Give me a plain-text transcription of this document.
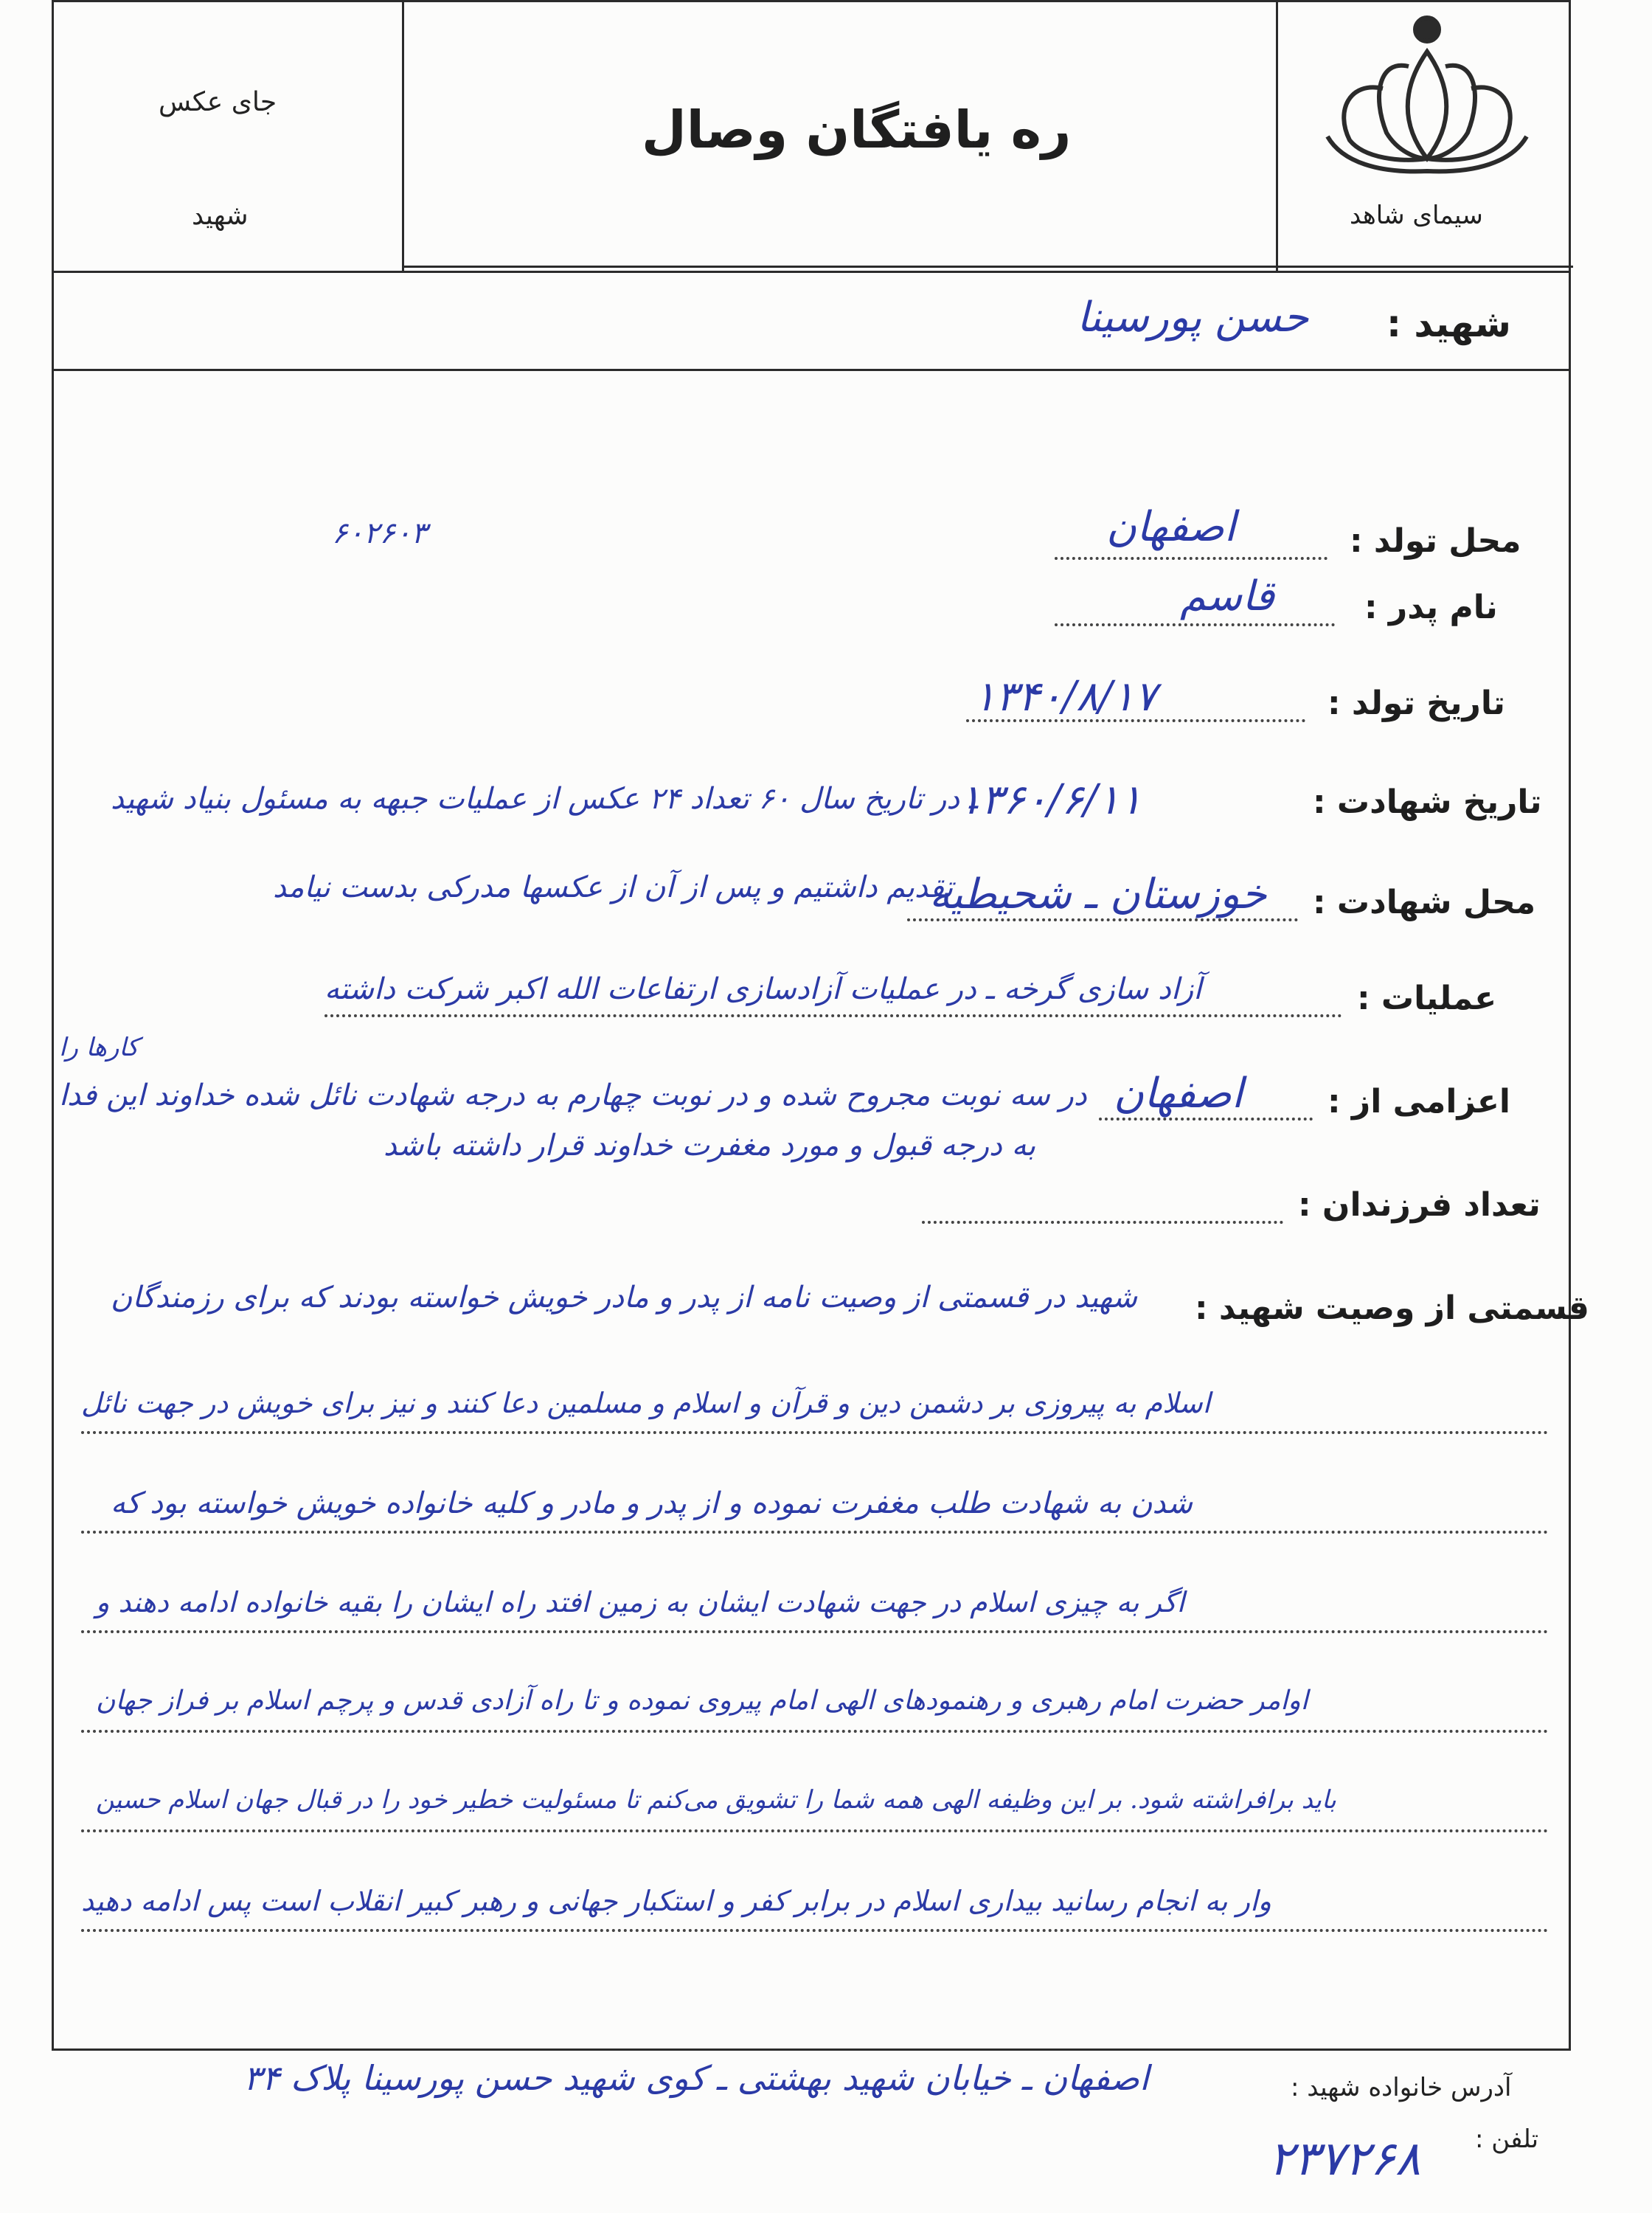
جای عکس
شهید
ره یافتگان وصال
سیمای شاهد
شهید :
حسن پورسینا
۶۰۲۶۰۳	محل تولد :
اصفهان
نام پدر :
قاسم
تاریخ تولد :
۱۳۴۰/۸/۱۷
تاریخ شهادت :
۱۳۶۰/۶/۱۱
ـ در تاریخ سال ۶۰ تعداد ۲۴ عکس از عملیات جبهه به مسئول بنیاد شهید
تقدیم داشتیم و پس از آن از عکسها مدرکی بدست نیامد	محل شهادت :
خوزستان ـ شحیطیه
عملیات :
آزاد سازی گرخه ـ در عملیات آزادسازی ارتفاعات الله اکبر شرکت داشته
کارها را
در سه نوبت مجروح شده و در نوبت چهارم به درجه شهادت نائل شده خداوند این فدا	اعزامی از :
اصفهان
به درجه قبول و مورد مغفرت خداوند قرار داشته باشد
تعداد فرزندان :
قسمتی از وصیت شهید :
شهید در قسمتی از وصیت نامه از پدر و مادر خویش خواسته بودند که برای رزمندگان
اسلام به پیروزی بر دشمن دین و قرآن و اسلام و مسلمین دعا کنند و نیز برای خویش در جهت نائل
شدن به شهادت طلب مغفرت نموده و از پدر و مادر و کلیه خانواده خویش خواسته بود که
اگر به چیزی اسلام در جهت شهادت ایشان به زمین افتد راه ایشان را بقیه خانواده ادامه دهند و
اوامر حضرت امام رهبری و رهنمودهای الهی امام پیروی نموده و تا راه آزادی قدس و پرچم اسلام بر فراز جهان
باید برافراشته شود. بر این وظیفه الهی همه شما را تشویق می‌کنم تا مسئولیت خطیر خود را در قبال جهان اسلام حسین
وار به انجام رسانید بیداری اسلام در برابر کفر و استکبار جهانی و رهبر کبیر انقلاب است پس ادامه دهید
آدرس خانواده شهید :
اصفهان ـ خیابان شهید بهشتی ـ کوی شهید حسن پورسینا پلاک ۳۴
تلفن :
۲۳۷۲۶۸
